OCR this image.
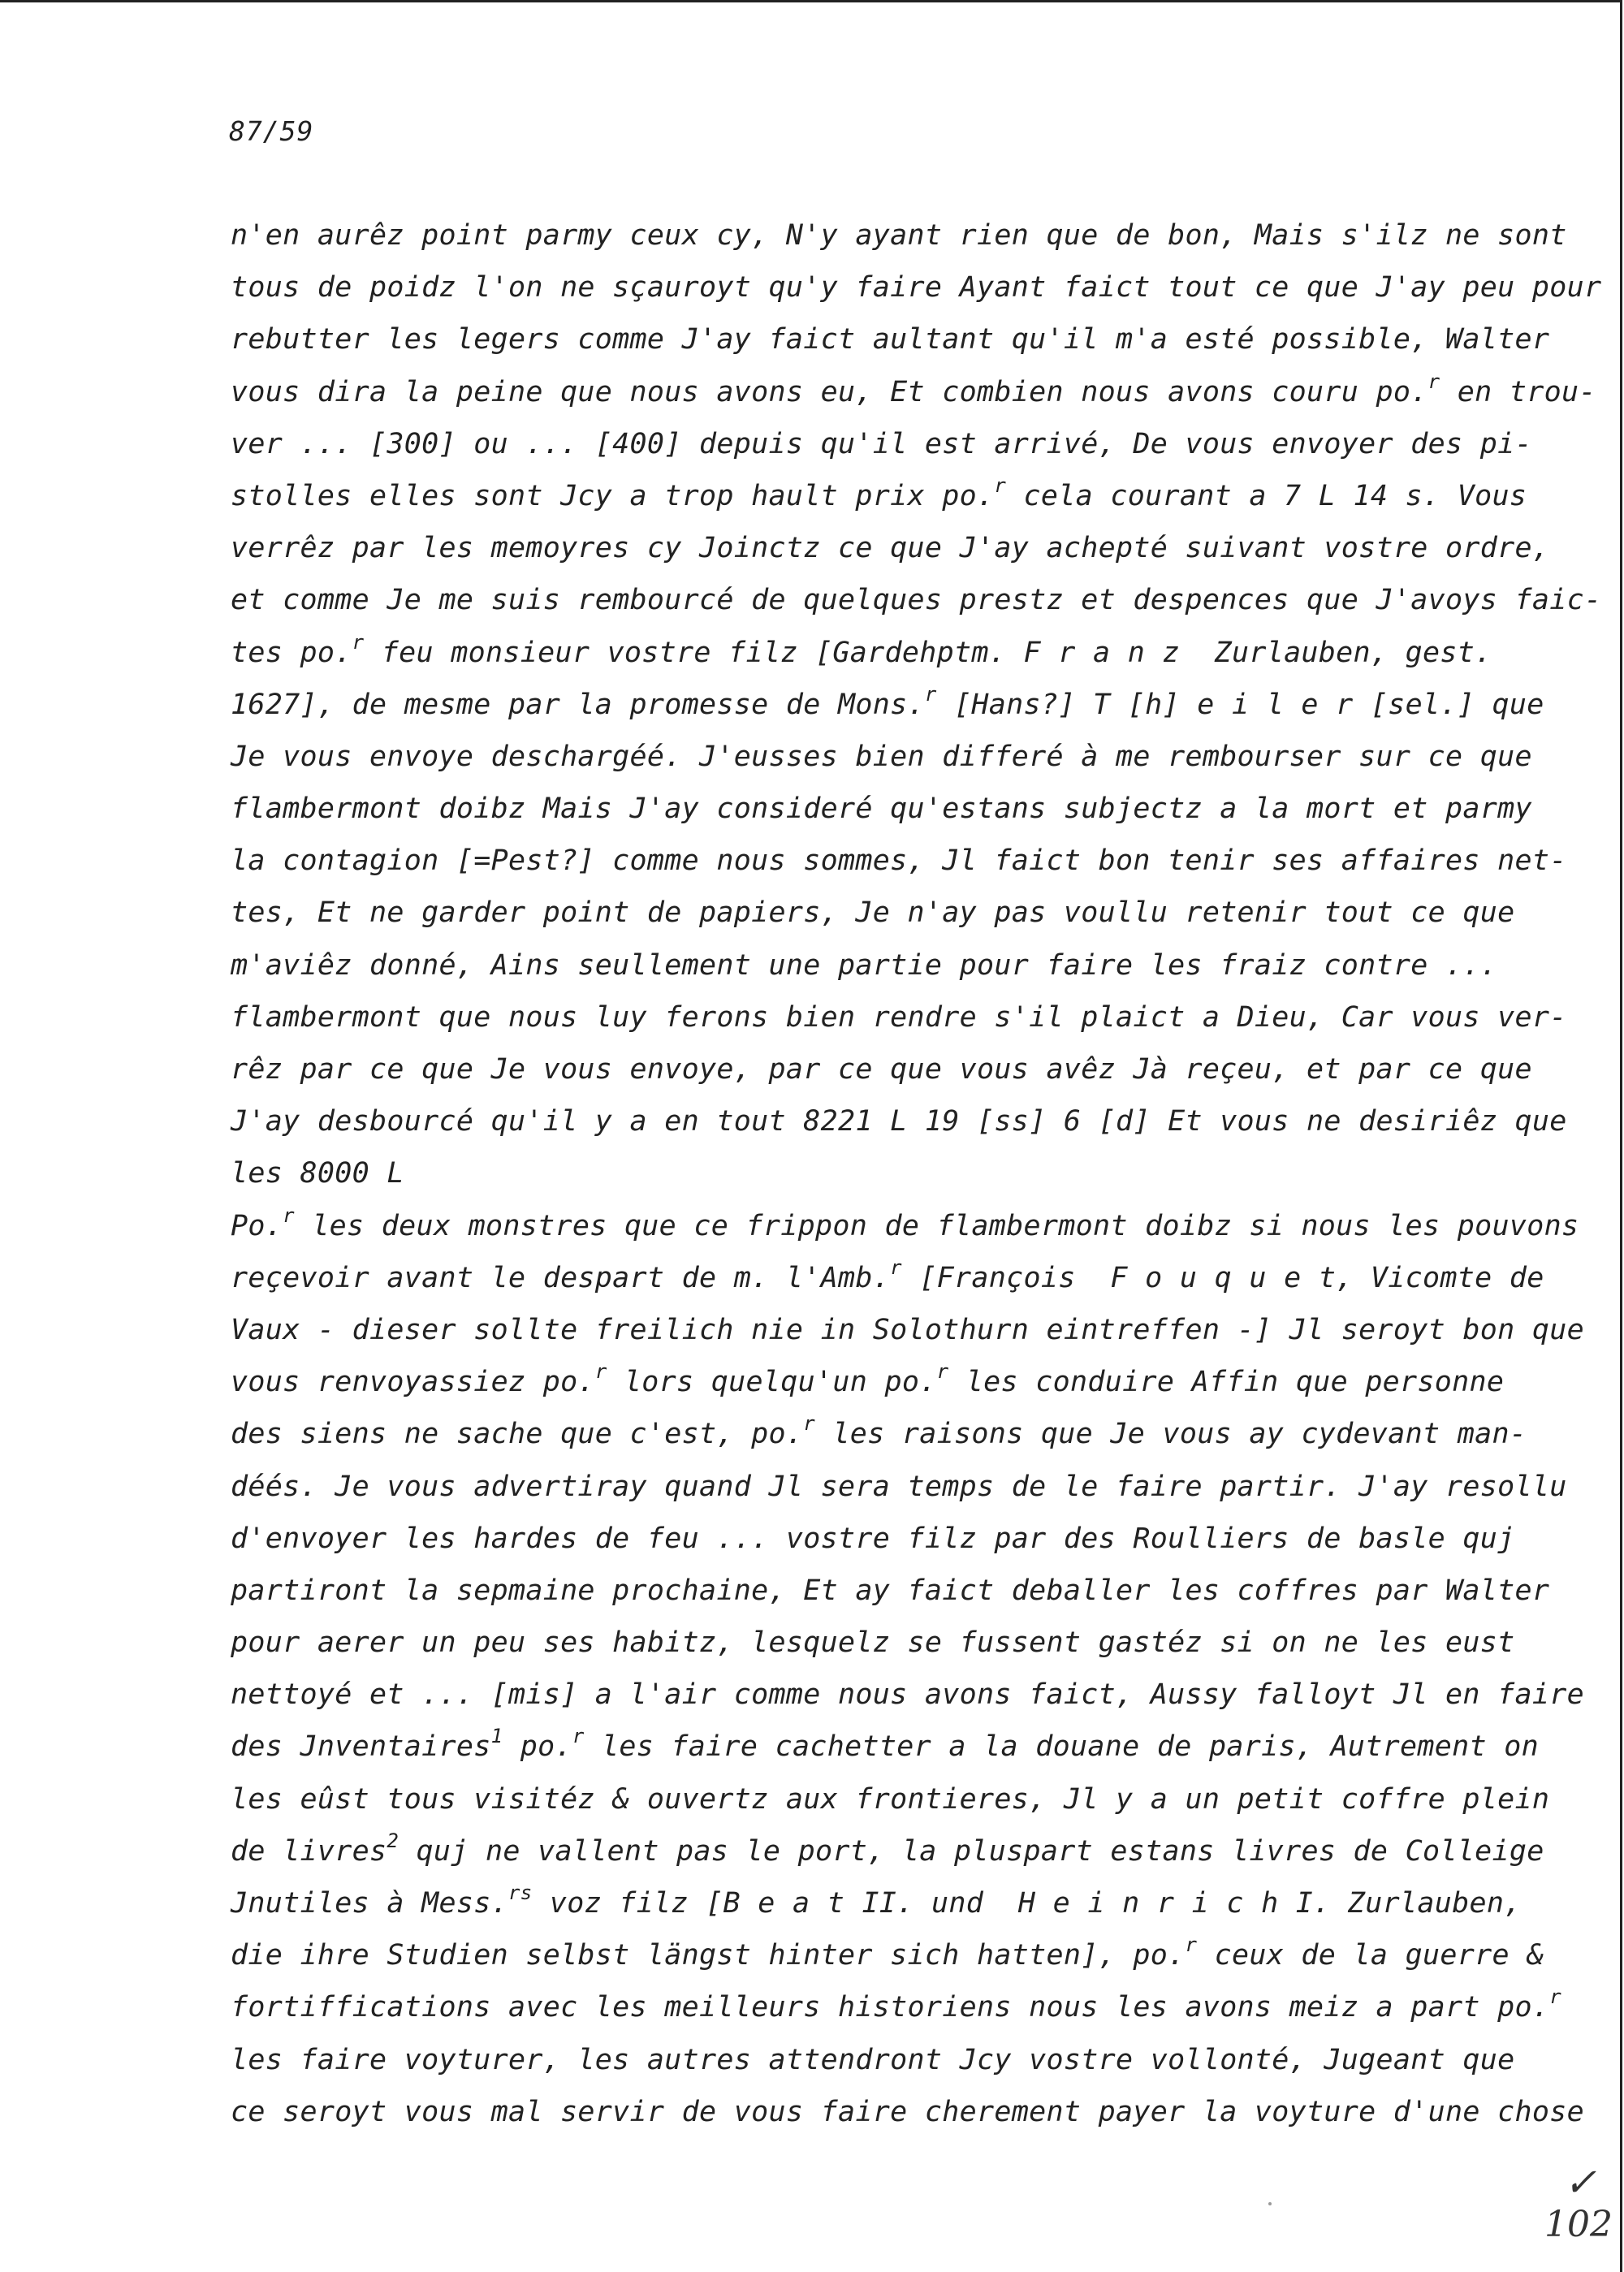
87/59
n'en aurêz point parmy ceux cy, N'y ayant rien que de bon, Mais s'ilz ne sont
tous de poidz l'on ne sçauroyt qu'y faire Ayant faict tout ce que J'ay peu pour
rebutter les legers comme J'ay faict aultant qu'il m'a esté possible, Walter
vous dira la peine que nous avons eu, Et combien nous avons couru po.$^r$ en trou-
ver ... [300] ou ... [400] depuis qu'il est arrivé, De vous envoyer des pi-
stolles elles sont Jcy a trop hault prix po.$^r$ cela courant a 7 L 14 s. Vous
verrêz par les memoyres cy Joinctz ce que J'ay achepté suivant vostre ordre,
et comme Je me suis rembourcé de quelques prestz et despences que J'avoys faic-
tes po.$^r$ feu monsieur vostre filz [Gardehptm. F r a n z  Zurlauben, gest.
1627], de mesme par la promesse de Mons.$^r$ [Hans?] T [h] e i l e r [sel.] que
Je vous envoye deschargéé. J'eusses bien differé à me rembourser sur ce que
flambermont doibz Mais J'ay consideré qu'estans subjectz a la mort et parmy
la contagion [=Pest?] comme nous sommes, Jl faict bon tenir ses affaires net-
tes, Et ne garder point de papiers, Je n'ay pas voullu retenir tout ce que
m'aviêz donné, Ains seullement une partie pour faire les fraiz contre ...
flambermont que nous luy ferons bien rendre s'il plaict a Dieu, Car vous ver-
rêz par ce que Je vous envoye, par ce que vous avêz Jà reçeu, et par ce que
J'ay desbourcé qu'il y a en tout 8221 L 19 [ss] 6 [d] Et vous ne desiriêz que
les 8000 L
Po.$^r$ les deux monstres que ce frippon de flambermont doibz si nous les pouvons
reçevoir avant le despart de m. l'Amb.$^r$ [François  F o u q u e t, Vicomte de
Vaux - dieser sollte freilich nie in Solothurn eintreffen -] Jl seroyt bon que
vous renvoyassiez po.$^r$ lors quelqu'un po.$^r$ les conduire Affin que personne
des siens ne sache que c'est, po.$^r$ les raisons que Je vous ay cydevant man-
déés. Je vous advertiray quand Jl sera temps de le faire partir. J'ay resollu
d'envoyer les hardes de feu ... vostre filz par des Roulliers de basle quj
partiront la sepmaine prochaine, Et ay faict deballer les coffres par Walter
pour aerer un peu ses habitz, lesquelz se fussent gastéz si on ne les eust
nettoyé et ... [mis] a l'air comme nous avons faict, Aussy falloyt Jl en faire
des Jnventaires$^1$ po.$^r$ les faire cachetter a la douane de paris, Autrement on
les eûst tous visitéz & ouvertz aux frontieres, Jl y a un petit coffre plein
de livres$^2$ quj ne vallent pas le port, la pluspart estans livres de Colleige
Jnutiles à Mess.$^{rs}$ voz filz [B e a t II. und  H e i n r i c h I. Zurlauben,
die ihre Studien selbst längst hinter sich hatten], po.$^r$ ceux de la guerre &
fortiffications avec les meilleurs historiens nous les avons meiz a part po.$^r$
les faire voyturer, les autres attendront Jcy vostre vollonté, Jugeant que
ce seroyt vous mal servir de vous faire cherement payer la voyture d'une chose
✓
102
